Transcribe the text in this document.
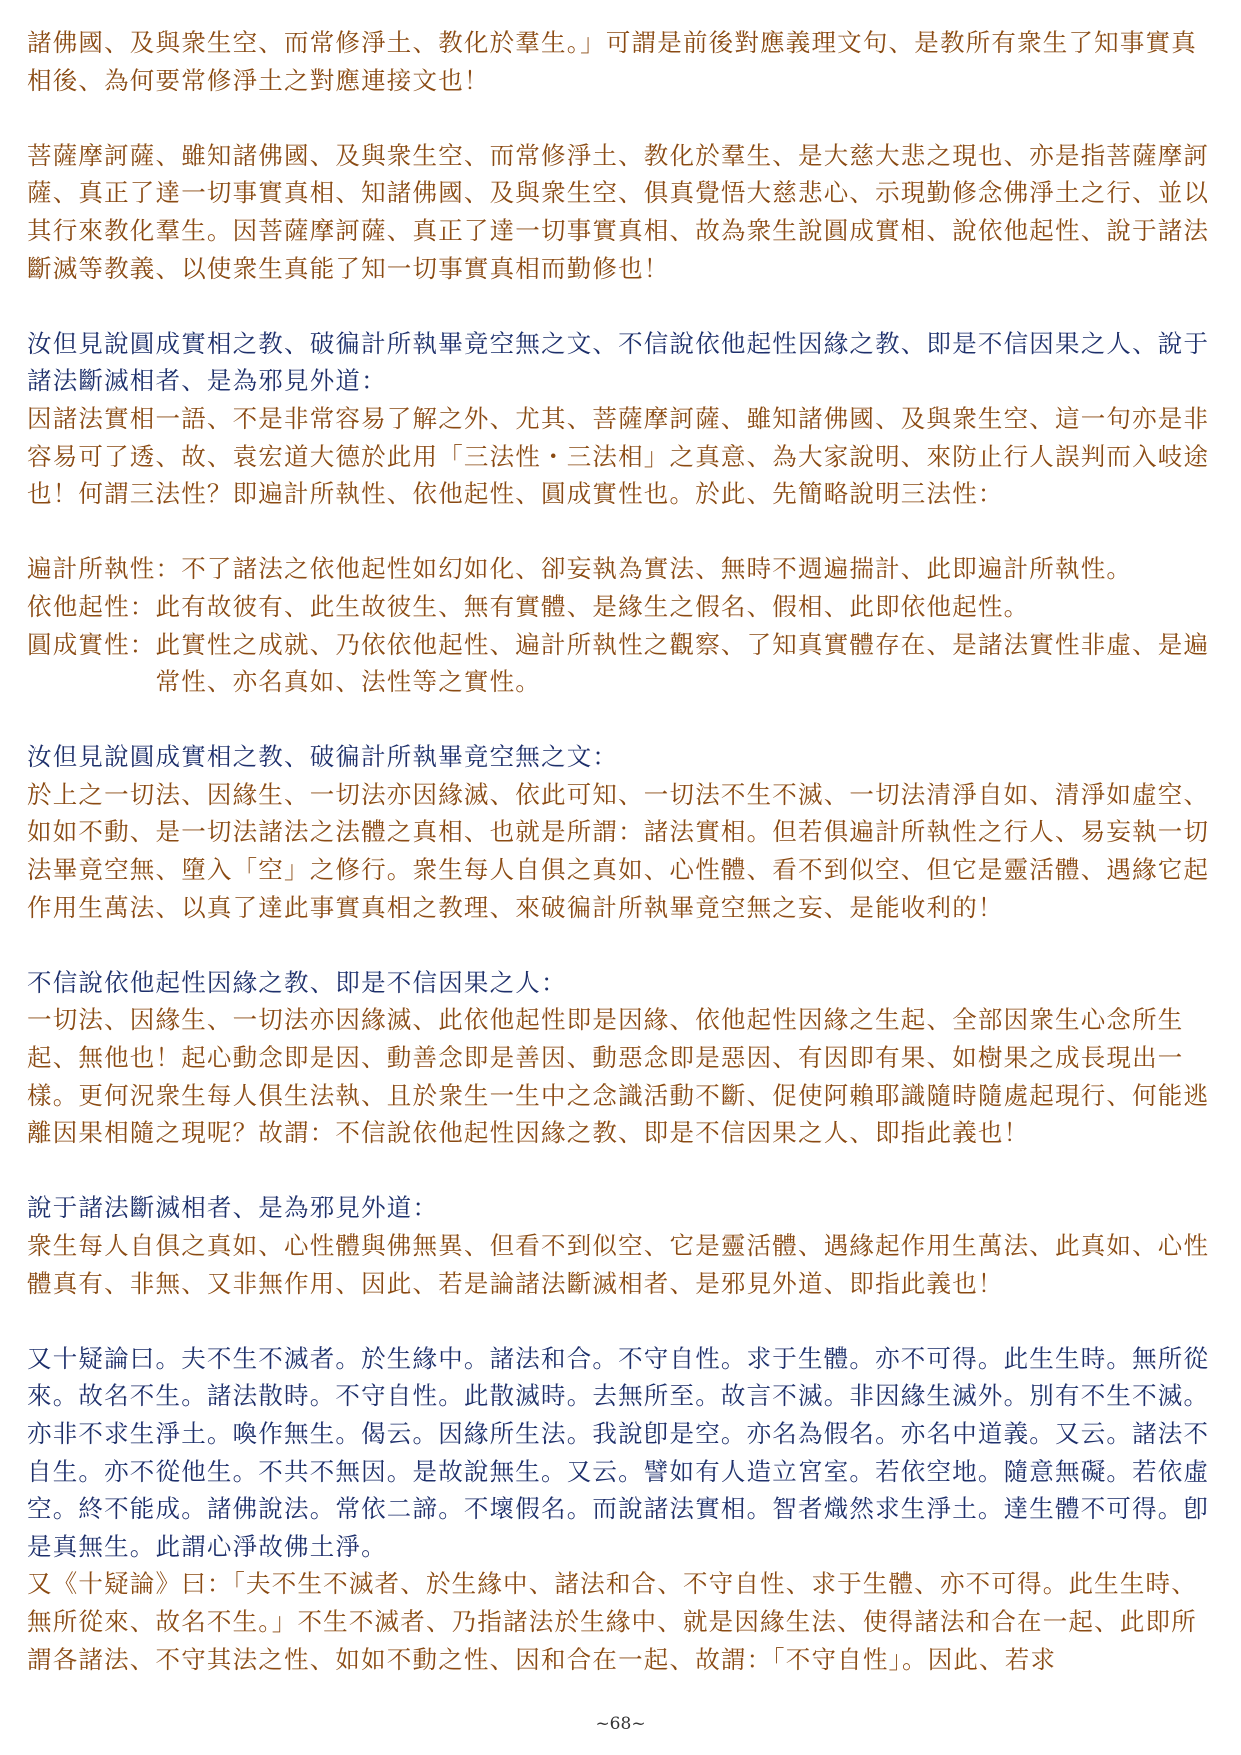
諸佛國、及與衆生空、而常修淨土、教化於羣生。」可謂是前後對應義理文句、是教所有衆生了知事實真相後、為何要常修淨土之對應連接文也！

菩薩摩訶薩、雖知諸佛國、及與衆生空、而常修淨土、教化於羣生、是大慈大悲之現也、亦是指菩薩摩訶薩、真正了達一切事實真相、知諸佛國、及與衆生空、俱真覺悟大慈悲心、示現勤修念佛淨土之行、並以其行來教化羣生。因菩薩摩訶薩、真正了達一切事實真相、故為衆生說圓成實相、說依他起性、說于諸法斷滅等教義、以使衆生真能了知一切事實真相而勤修也！

汝但見說圓成實相之教、破徧計所執畢竟空無之文、不信說依他起性因緣之教、即是不信因果之人、說于諸法斷滅相者、是為邪見外道：

因諸法實相一語、不是非常容易了解之外、尤其、菩薩摩訶薩、雖知諸佛國、及與衆生空、這一句亦是非容易可了透、故、袁宏道大德於此用「三法性・三法相」之真意、為大家說明、來防止行人誤判而入岐途也！何謂三法性？即遍計所執性、依他起性、圓成實性也。於此、先簡略說明三法性：

遍計所執性： 不了諸法之依他起性如幻如化、卻妄執為實法、無時不週遍揣計、此即遍計所執性。
依他起性： 此有故彼有、此生故彼生、無有實體、是緣生之假名、假相、此即依他起性。
圓成實性： 此實性之成就、乃依依他起性、遍計所執性之觀察、了知真實體存在、是諸法實性非虛、是遍常性、亦名真如、法性等之實性。

汝但見說圓成實相之教、破徧計所執畢竟空無之文：

於上之一切法、因緣生、一切法亦因緣滅、依此可知、一切法不生不滅、一切法清淨自如、清淨如虛空、如如不動、是一切法諸法之法體之真相、也就是所謂：諸法實相。但若俱遍計所執性之行人、易妄執一切法畢竟空無、墮入「空」之修行。衆生每人自俱之真如、心性體、看不到似空、但它是靈活體、遇緣它起作用生萬法、以真了達此事實真相之教理、來破徧計所執畢竟空無之妄、是能收利的！

不信說依他起性因緣之教、即是不信因果之人：

一切法、因緣生、一切法亦因緣滅、此依他起性即是因緣、依他起性因緣之生起、全部因衆生心念所生起、無他也！起心動念即是因、動善念即是善因、動惡念即是惡因、有因即有果、如樹果之成長現出一樣。更何況衆生每人俱生法執、且於衆生一生中之念識活動不斷、促使阿賴耶識隨時隨處起現行、何能逃離因果相隨之現呢？故謂：不信說依他起性因緣之教、即是不信因果之人、即指此義也！

說于諸法斷滅相者、是為邪見外道：

衆生每人自俱之真如、心性體與佛無異、但看不到似空、它是靈活體、遇緣起作用生萬法、此真如、心性體真有、非無、又非無作用、因此、若是論諸法斷滅相者、是邪見外道、即指此義也！

又十疑論曰。夫不生不滅者。於生緣中。諸法和合。不守自性。求于生體。亦不可得。此生生時。無所從來。故名不生。諸法散時。不守自性。此散滅時。去無所至。故言不滅。非因緣生滅外。別有不生不滅。亦非不求生淨土。喚作無生。偈云。因緣所生法。我說卽是空。亦名為假名。亦名中道義。又云。諸法不自生。亦不從他生。不共不無因。是故說無生。又云。譬如有人造立宮室。若依空地。隨意無礙。若依虛空。終不能成。諸佛說法。常依二諦。不壞假名。而說諸法實相。智者熾然求生淨土。達生體不可得。卽是真無生。此謂心淨故佛土淨。

又《十疑論》曰：「夫不生不滅者、於生緣中、諸法和合、不守自性、求于生體、亦不可得。此生生時、無所從來、故名不生。」不生不滅者、乃指諸法於生緣中、就是因緣生法、使得諸法和合在一起、此即所謂各諸法、不守其法之性、如如不動之性、因和合在一起、故謂：「不守自性」。因此、若求

~68~
